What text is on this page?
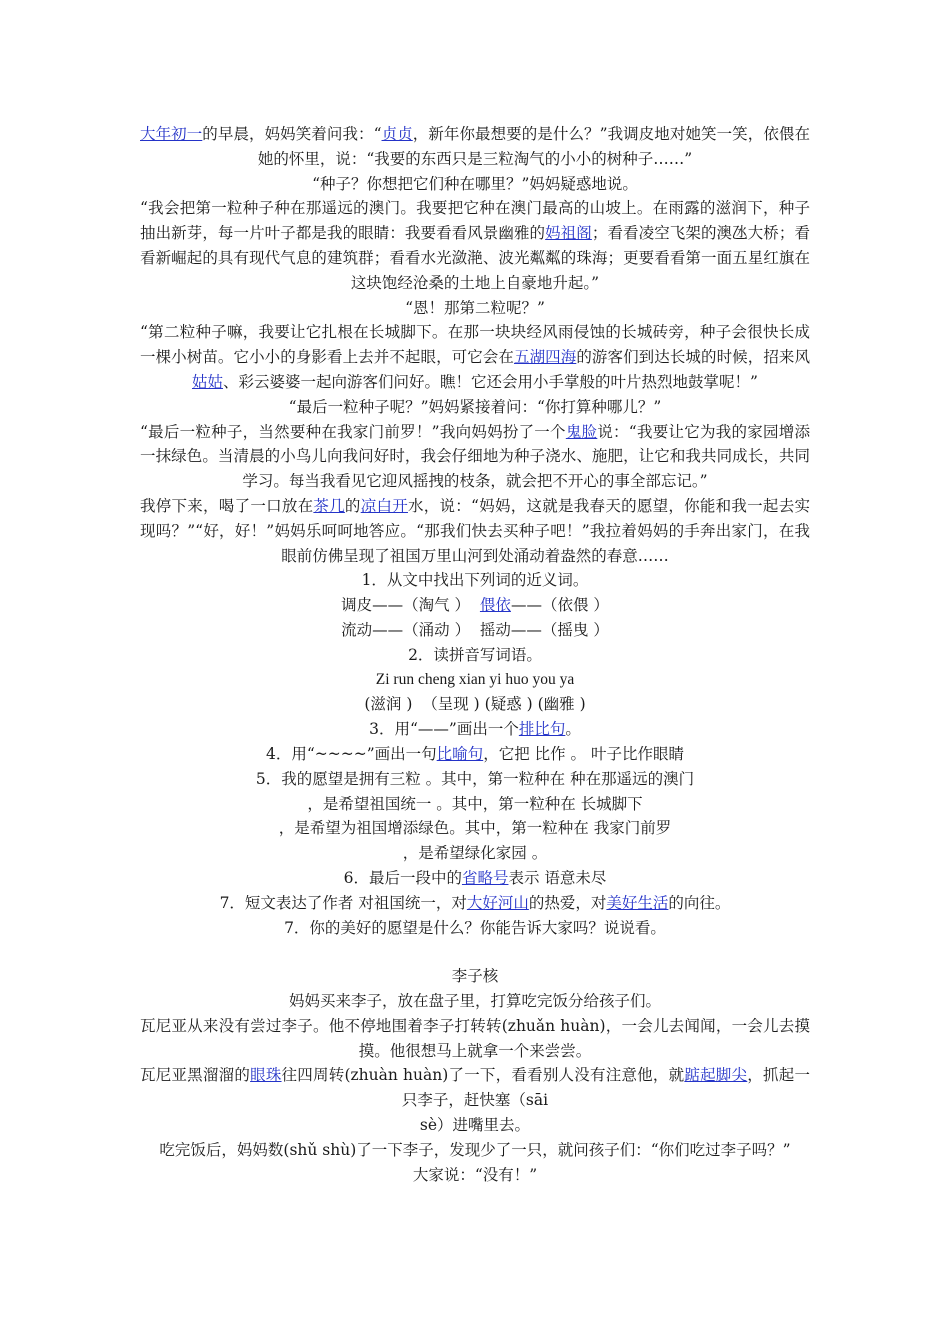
大年初一的早晨，妈妈笑着问我：“贞贞，新年你最想要的是什么？”我调皮地对她笑一笑，依偎在她的怀里，说：“我要的东西只是三粒淘气的小小的树种子……”

“种子？你想把它们种在哪里？”妈妈疑惑地说。

“我会把第一粒种子种在那遥远的澳门。我要把它种在澳门最高的山坡上。在雨露的滋润下，种子抽出新芽，每一片叶子都是我的眼睛：我要看看风景幽雅的妈祖阁；看看凌空飞架的澳氹大桥；看看新崛起的具有现代气息的建筑群；看看水光潋滟、波光粼粼的珠海；更要看看第一面五星红旗在这块饱经沧桑的土地上自豪地升起。”

“恩！那第二粒呢？”

“第二粒种子嘛，我要让它扎根在长城脚下。在那一块块经风雨侵蚀的长城砖旁，种子会很快长成一棵小树苗。它小小的身影看上去并不起眼，可它会在五湖四海的游客们到达长城的时候，招来风姑姑、彩云婆婆一起向游客们问好。瞧！它还会用小手掌般的叶片热烈地鼓掌呢！”

“最后一粒种子呢？”妈妈紧接着问：“你打算种哪儿？”

“最后一粒种子，当然要种在我家门前罗！”我向妈妈扮了一个鬼脸说：“我要让它为我的家园增添一抹绿色。当清晨的小鸟儿向我问好时，我会仔细地为种子浇水、施肥，让它和我共同成长，共同学习。每当我看见它迎风摇拽的枝条，就会把不开心的事全部忘记。”

我停下来，喝了一口放在茶几的凉白开水，说：“妈妈，这就是我春天的愿望，你能和我一起去实现吗？”“好，好！”妈妈乐呵呵地答应。“那我们快去买种子吧！”我拉着妈妈的手奔出家门，在我眼前仿佛呈现了祖国万里山河到处涌动着盎然的春意……

1．从文中找出下列词的近义词。

调皮——（淘气 ）  偎依——（依偎 ）

流动——（涌动 ）  摇动——（摇曳 ）

2．读拼音写词语。

Zi run cheng xian yi huo you ya

(滋润 )  （呈现 ) (疑惑 ) (幽雅 )

3．用“——”画出一个排比句。

4．用“~~~~”画出一句比喻句，它把 比作 。 叶子比作眼睛

5．我的愿望是拥有三粒 。其中，第一粒种在 种在那遥远的澳门

，是希望祖国统一 。其中，第一粒种在 长城脚下

，是希望为祖国增添绿色。其中，第一粒种在 我家门前罗

，是希望绿化家园 。

6．最后一段中的省略号表示 语意未尽

7．短文表达了作者 对祖国统一，对大好河山的热爱，对美好生活的向往。

7．你的美好的愿望是什么？你能告诉大家吗？说说看。

李子核

妈妈买来李子，放在盘子里，打算吃完饭分给孩子们。

瓦尼亚从来没有尝过李子。他不停地围着李子打转转(zhuǎn huàn)，一会儿去闻闻，一会儿去摸摸。他很想马上就拿一个来尝尝。

瓦尼亚黑溜溜的眼珠往四周转(zhuàn huàn)了一下，看看别人没有注意他，就踮起脚尖，抓起一只李子，赶快塞（sāi

sè）进嘴里去。

吃完饭后，妈妈数(shǔ shù)了一下李子，发现少了一只，就问孩子们：“你们吃过李子吗？”

大家说：“没有！”
